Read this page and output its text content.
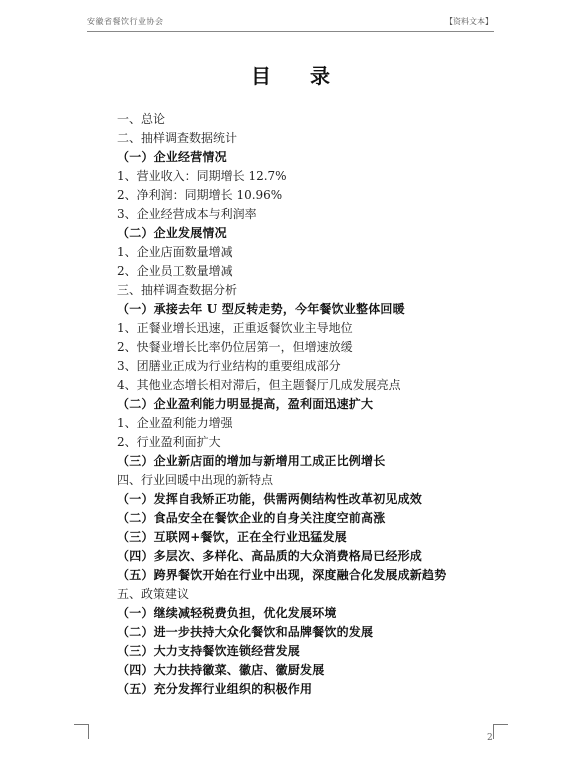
安徽省餐饮行业协会	【资料文本】
目 录
一、总论
二、抽样调查数据统计
（一）企业经营情况
1、营业收入：同期增长 12.7%
2、净利润：同期增长 10.96%
3、企业经营成本与利润率
（二）企业发展情况
1、企业店面数量增减
2、企业员工数量增减
三、抽样调查数据分析
（一）承接去年 U 型反转走势，今年餐饮业整体回暖
1、正餐业增长迅速，正重返餐饮业主导地位
2、快餐业增长比率仍位居第一，但增速放缓
3、团膳业正成为行业结构的重要组成部分
4、其他业态增长相对滞后，但主题餐厅几成发展亮点
（二）企业盈利能力明显提高，盈利面迅速扩大
1、企业盈利能力增强
2、行业盈利面扩大
（三）企业新店面的增加与新增用工成正比例增长
四、行业回暖中出现的新特点
（一）发挥自我矫正功能，供需两侧结构性改革初见成效
（二）食品安全在餐饮企业的自身关注度空前高涨
（三）互联网+餐饮，正在全行业迅猛发展
（四）多层次、多样化、高品质的大众消费格局已经形成
（五）跨界餐饮开始在行业中出现，深度融合化发展成新趋势
五、政策建议
（一）继续减轻税费负担，优化发展环境
（二）进一步扶持大众化餐饮和品牌餐饮的发展
（三）大力支持餐饮连锁经营发展
（四）大力扶持徽菜、徽店、徽厨发展
（五）充分发挥行业组织的积极作用
2
